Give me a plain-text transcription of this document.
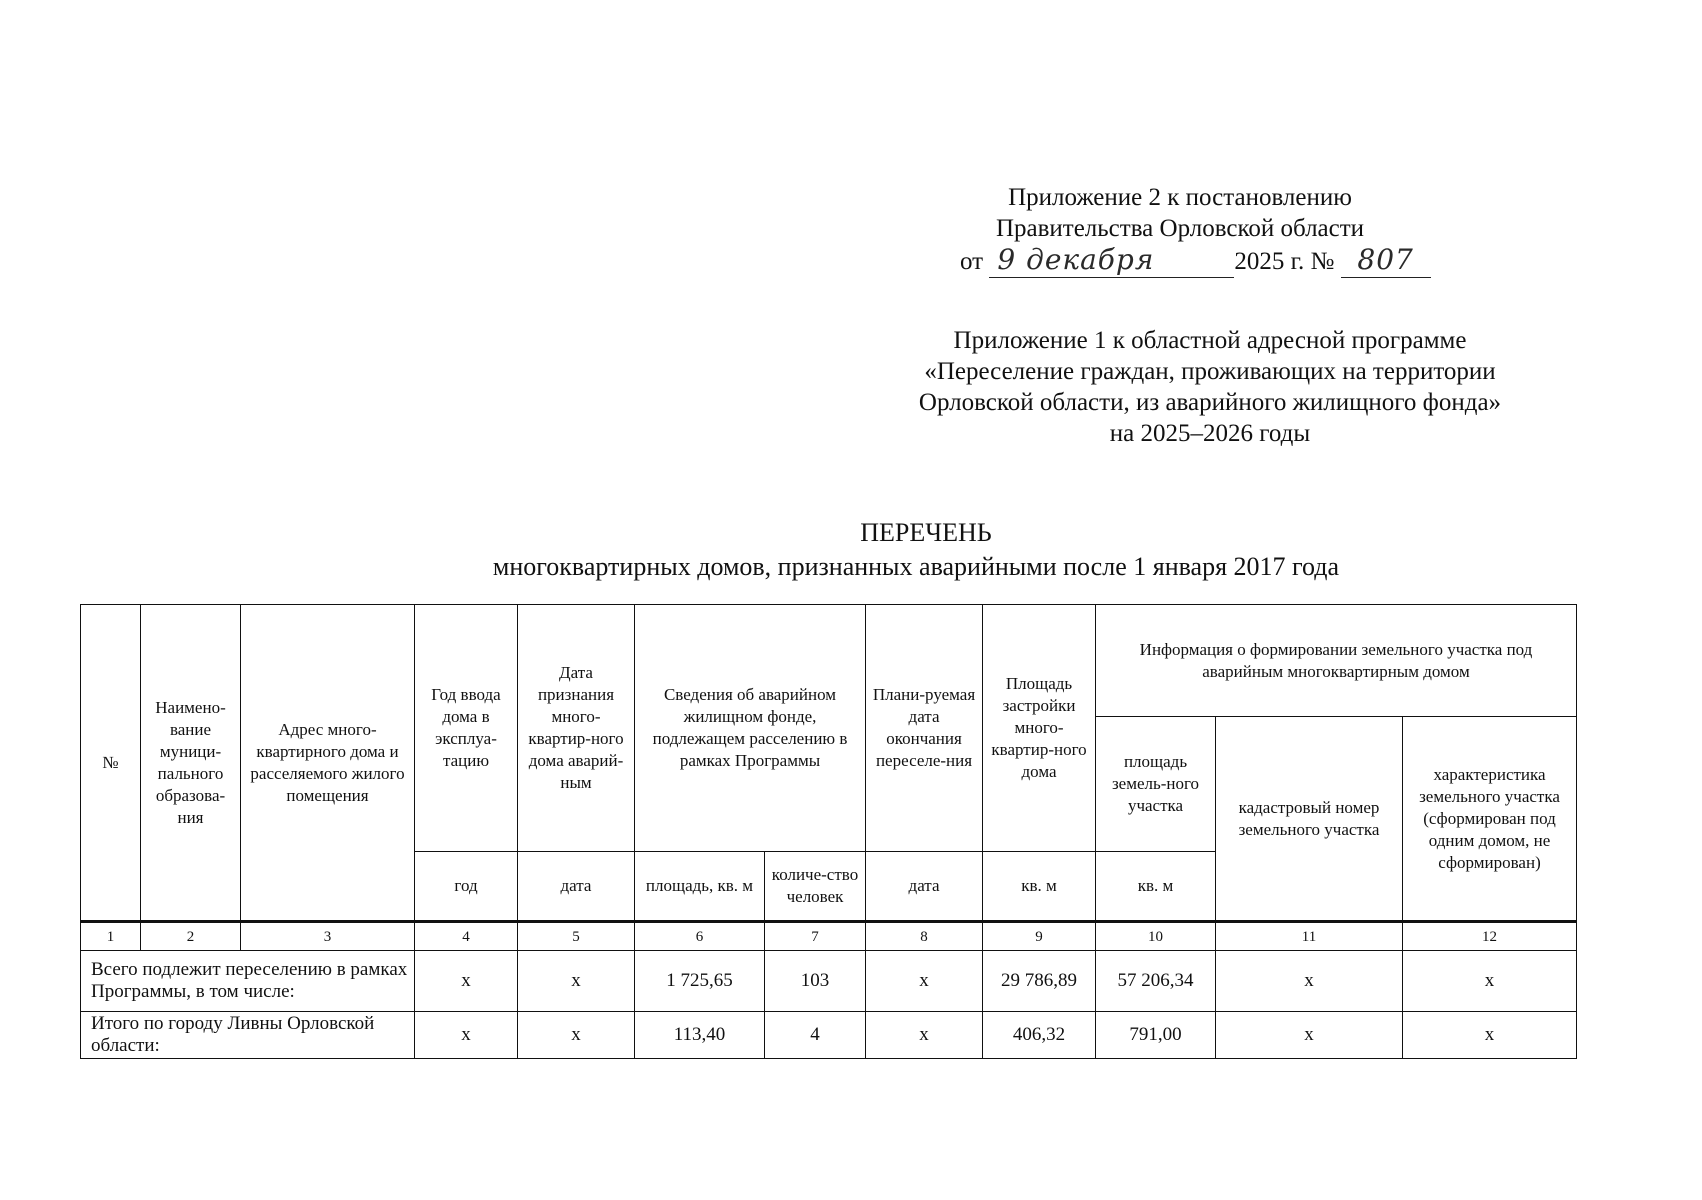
Приложение 2 к постановлению
Правительства Орловской области
от 9 декабря	2025 г. № 807
Приложение 1 к областной адресной программе
«Переселение граждан, проживающих на территории
Орловской области, из аварийного жилищного фонда»
на 2025–2026 годы
ПЕРЕЧЕНЬ
многоквартирных домов, признанных аварийными после 1 января 2017 года
№	Наимено-вание муници-пального образова-ния	Адрес много-квартирного дома и расселяемого жилого помещения	Год ввода дома в эксплуа-тацию	Дата признания много-квартир-ного дома аварий-ным	Сведения об аварийном жилищном фонде, подлежащем расселению в рамках Программы		Плани-руемая дата окончания переселе-ния	Площадь застройки много-квартир-ного дома	Информация о формировании земельного участка под аварийным многоквартирным домом		
									площадь земель-ного участка	кадастровый номер земельного участка	характеристика земельного участка (сформирован под одним домом, не сформирован)
			год	дата	площадь, кв. м	количе-ство человек	дата	кв. м	кв. м		
1	2	3	4	5	6	7	8	9	10	11	12
Всего подлежит переселению в рамках Программы, в том числе:			х	х	1 725,65	103	х	29 786,89	57 206,34	х	х
Итого по городу Ливны Орловской области:			х	х	113,40	4	х	406,32	791,00	х	х
